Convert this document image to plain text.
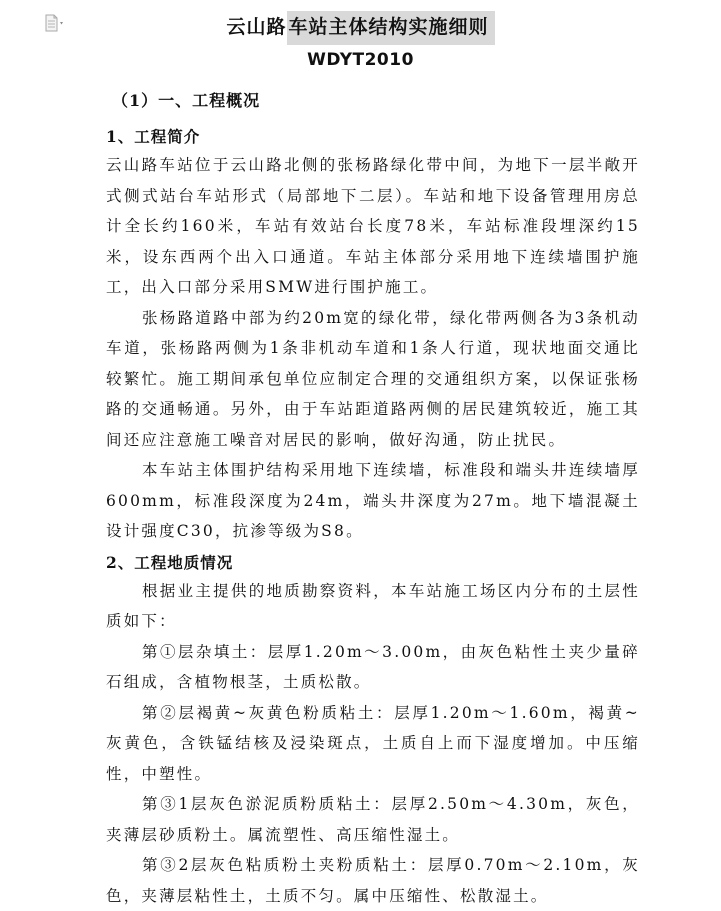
云山路 车站主体结构实施细则
WDYT2010
（1）一、工程概况
1、工程简介

云山路车站位于云山路北侧的张杨路绿化带中间，为地下一层半敞开式侧式站台车站形式（局部地下二层）。车站和地下设备管理用房总计全长约160米，车站有效站台长度78米，车站标准段埋深约15米，设东西两个出入口通道。车站主体部分采用地下连续墙围护施工，出入口部分采用SMW进行围护施工。

张杨路道路中部为约20m宽的绿化带，绿化带两侧各为3条机动车道，张杨路两侧为1条非机动车道和1条人行道，现状地面交通比较繁忙。施工期间承包单位应制定合理的交通组织方案，以保证张杨路的交通畅通。另外，由于车站距道路两侧的居民建筑较近，施工其间还应注意施工噪音对居民的影响，做好沟通，防止扰民。

本车站主体围护结构采用地下连续墙，标准段和端头井连续墙厚600mm，标准段深度为24m，端头井深度为27m。地下墙混凝土设计强度C30，抗渗等级为S8。

2、工程地质情况

根据业主提供的地质勘察资料，本车站施工场区内分布的土层性质如下：

第①层杂填土：层厚1.20m～3.00m，由灰色粘性土夹少量碎石组成，含植物根茎，土质松散。

第②层褐黄~灰黄色粉质粘土：层厚1.20m～1.60m，褐黄~灰黄色，含铁锰结核及浸染斑点，土质自上而下湿度增加。中压缩性，中塑性。

第③1层灰色淤泥质粉质粘土：层厚2.50m～4.30m，灰色，夹薄层砂质粉土。属流塑性、高压缩性湿土。

第③2层灰色粘质粉土夹粉质粘土：层厚0.70m～2.10m，灰色，夹薄层粘性土，土质不匀。属中压缩性、松散湿土。
